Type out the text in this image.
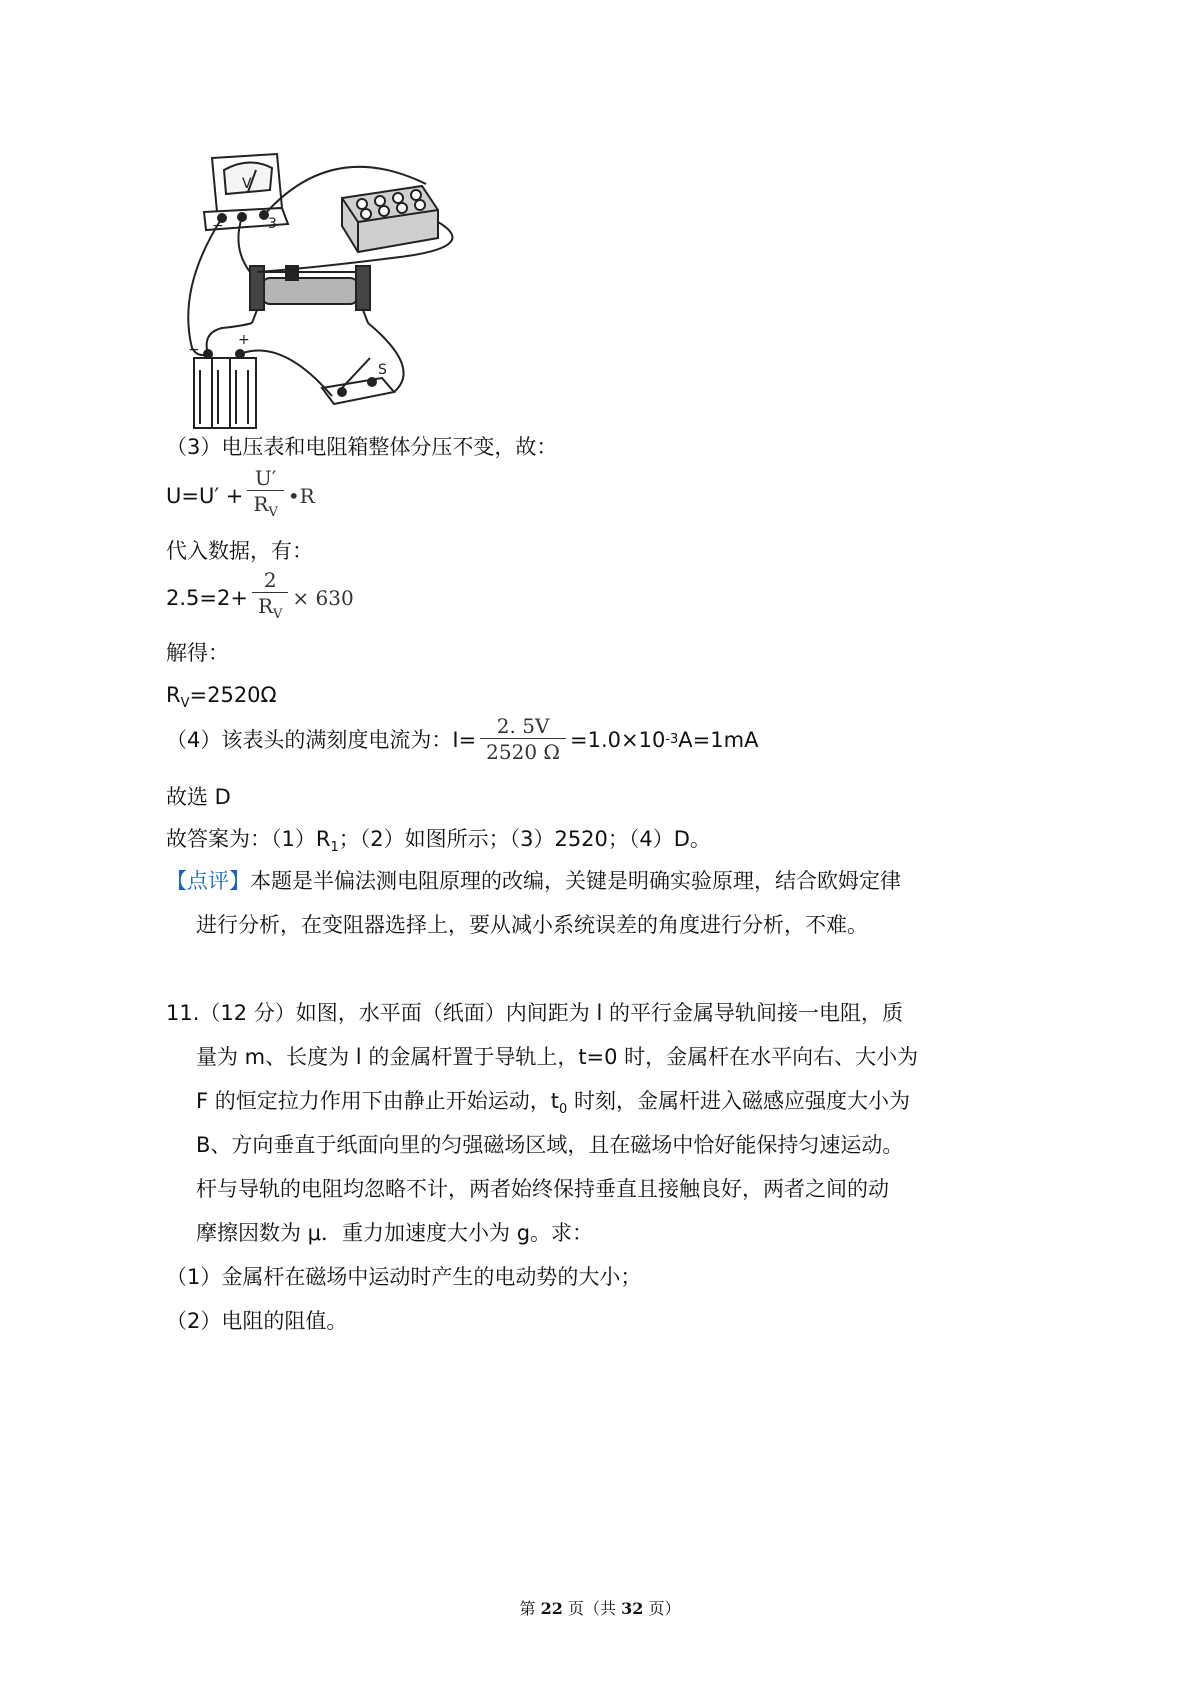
V
−	3
+
−
S
（3）电压表和电阻箱整体分压不变，故：
$U=U' + \frac{U'}{R_V}$ •R
代入数据，有：
$2.5=2+ \frac{2}{R_V} \times 630$
解得：
$R_V=2520\Omega$
（4）该表头的满刻度电流为： $I= \frac{2. 5V}{2520 \Omega} =1.0\times 10$ -3 A=1mA
故选 D
故答案为：$(1)R_1$；（2）如图所示；（3）2520；（4）D。
【点评】本题是半偏法测电阻原理的改编，关键是明确实验原理，结合欧姆定律
进行分析，在变阻器选择上，要从减小系统误差的角度进行分析，不难。
11.（12 分）如图，水平面（纸面）内间距为 l 的平行金属导轨间接一电阻，质
量为 m、长度为 l 的金属杆置于导轨上，t=0 时，金属杆在水平向右、大小为
F 的恒定拉力作用下由静止开始运动，$t_0$ 时刻，金属杆进入磁感应强度大小为
B、方向垂直于纸面向里的匀强磁场区域，且在磁场中恰好能保持匀速运动。
杆与导轨的电阻均忽略不计，两者始终保持垂直且接触良好，两者之间的动
摩擦因数为 μ．重力加速度大小为 g。求：
（1）金属杆在磁场中运动时产生的电动势的大小；
（2）电阻的阻值。
第 22 页（共 32 页）
